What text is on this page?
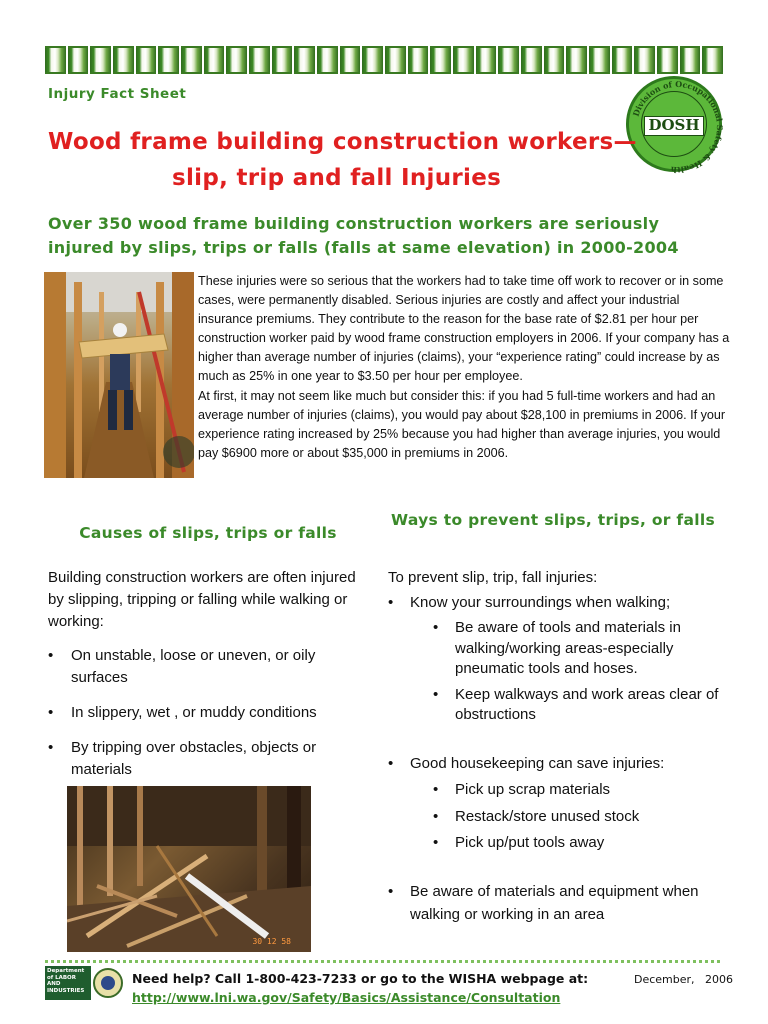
Injury Fact Sheet
Division of Occupational Safety & Health
DOSH
Wood frame building construction workers—
slip, trip and fall Injuries
Over 350 wood frame building construction workers are seriously injured by slips, trips or falls (falls at same elevation) in 2000-2004

These injuries were so serious that the workers had to take time off work to recover or in some cases, were permanently disabled. Serious injuries are costly and affect your industrial insurance premiums. They contribute to the reason for the base rate of $2.81 per hour per construction worker paid by wood frame construction employers in 2006. If your company has a higher than average number of injuries (claims), your “experience rating” could increase by as much as 25% in one year to $3.50 per hour per employee.

At first, it may not seem like much but consider this: if you had 5 full-time workers and had an average number of injuries (claims), you would pay about $28,100 in premiums in 2006. If your experience rating increased by 25% because you had higher than average injuries, you would pay $6900 more or about $35,000 in premiums in 2006.

Causes of slips, trips or falls
Ways to prevent slips, trips, or falls
Building construction workers are often injured by slipping, tripping or falling while walking or working:
• On unstable, loose or uneven, or oily surfaces
• In slippery, wet , or muddy conditions
• By tripping over obstacles, objects or materials
To prevent slip, trip, fall injuries:
• Know your surroundings when walking;
• Be aware of tools and materials in walking/working areas-especially pneumatic tools and hoses.
• Keep walkways and work areas clear of obstructions
• Good housekeeping can save injuries:
• Pick up scrap materials
• Restack/store unused stock
• Pick up/put tools away
• Be aware of materials and equipment when walking or working in an area
30 12 58
Department of LABOR AND INDUSTRIES
Need help? Call 1-800-423-7233 or go to the WISHA webpage at:
http://www.lni.wa.gov/Safety/Basics/Assistance/Consultation
December,   2006
